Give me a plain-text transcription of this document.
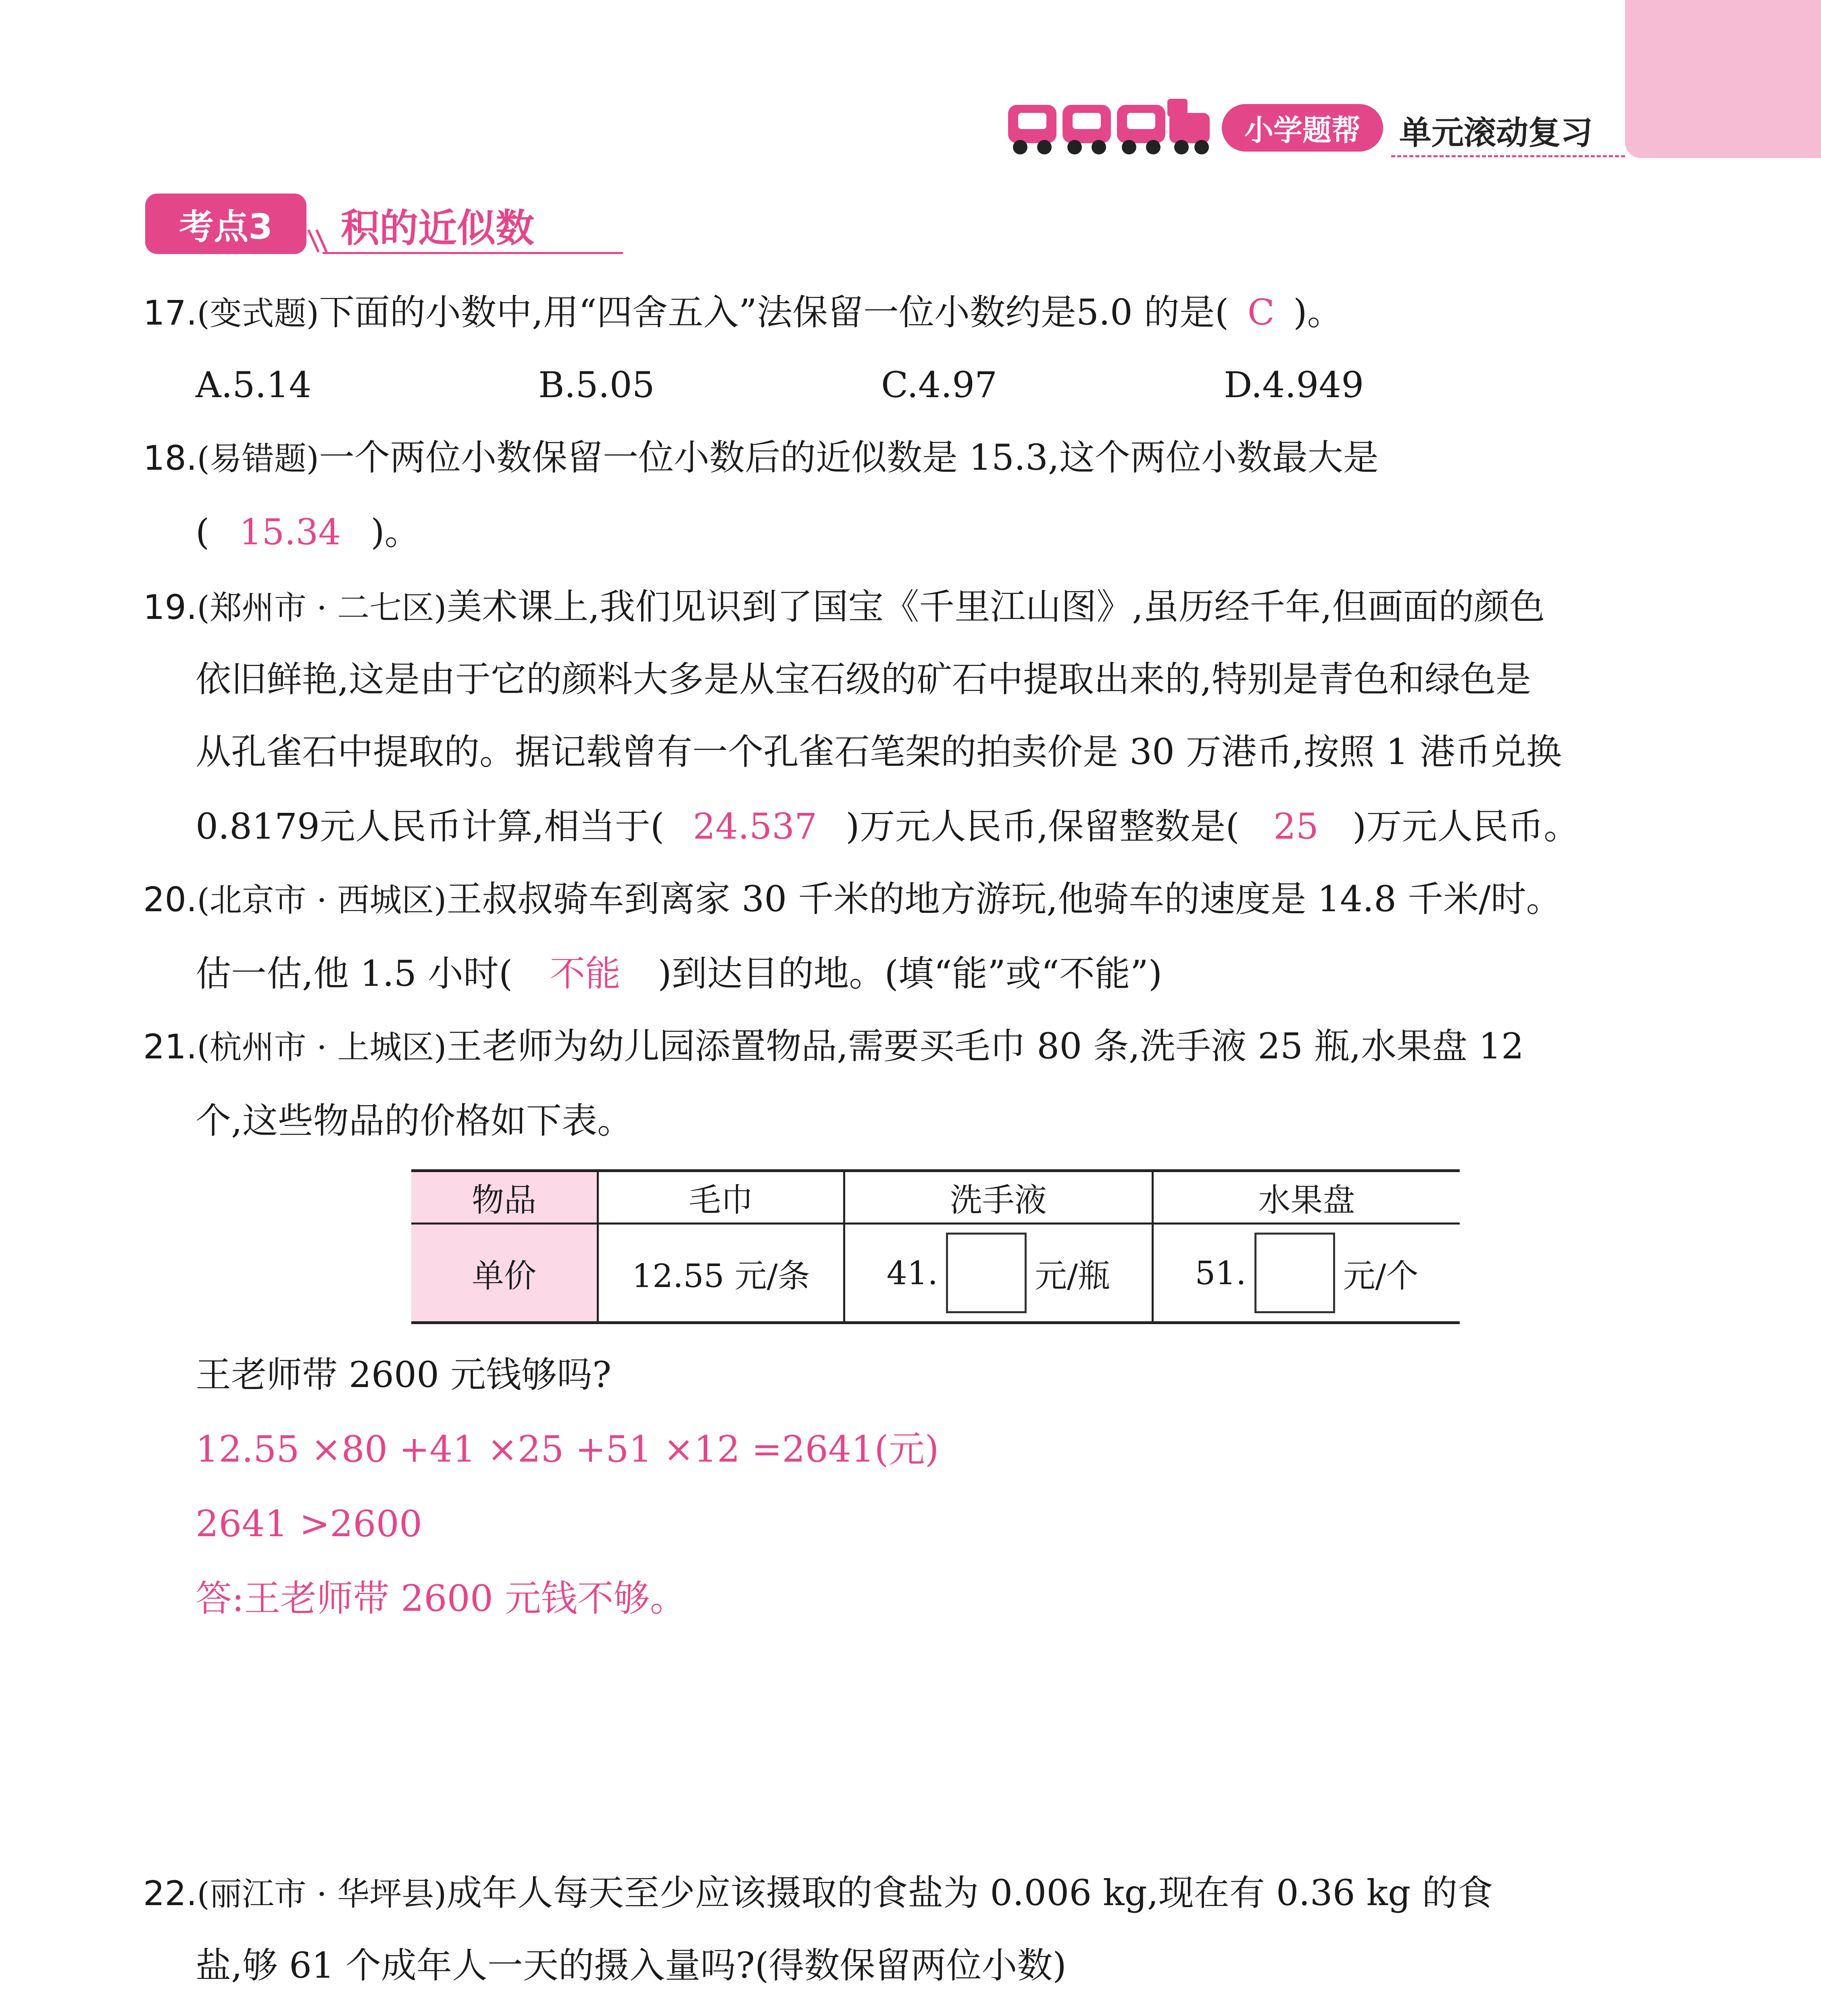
小学题帮	单元滚动复习
考点3	积的近似数
17.(变式题)下面的小数中,用“四舍五入”法保留一位小数约是5.0 的是( C )。
A.5.14	B.5.05	C.4.97	D.4.949
18.(易错题)一个两位小数保留一位小数后的近似数是 15.3,这个两位小数最大是
( 15.34 )。
19.(郑州市 · 二七区)美术课上,我们见识到了国宝《千里江山图》,虽历经千年,但画面的颜色
依旧鲜艳,这是由于它的颜料大多是从宝石级的矿石中提取出来的,特别是青色和绿色是
从孔雀石中提取的。据记载曾有一个孔雀石笔架的拍卖价是 30 万港币,按照 1 港币兑换
0.8179元人民币计算,相当于( 24.537 )万元人民币,保留整数是( 25 )万元人民币。
20.(北京市 · 西城区)王叔叔骑车到离家 30 千米的地方游玩,他骑车的速度是 14.8 千米/时。
估一估,他 1.5 小时( 不能 )到达目的地。(填“能”或“不能”)
21.(杭州市 · 上城区)王老师为幼儿园添置物品,需要买毛巾 80 条,洗手液 25 瓶,水果盘 12
个,这些物品的价格如下表。
物品	毛巾	洗手液	水果盘
单价	12.55 元/条	41. 元/瓶	51. 元/个
王老师带 2600 元钱够吗?
12.55 ×80 +41 ×25 +51 ×12 =2641(元)
2641 >2600
答:王老师带 2600 元钱不够。
22.(丽江市 · 华坪县)成年人每天至少应该摄取的食盐为 0.006 kg,现在有 0.36 kg 的食
盐,够 61 个成年人一天的摄入量吗?(得数保留两位小数)
